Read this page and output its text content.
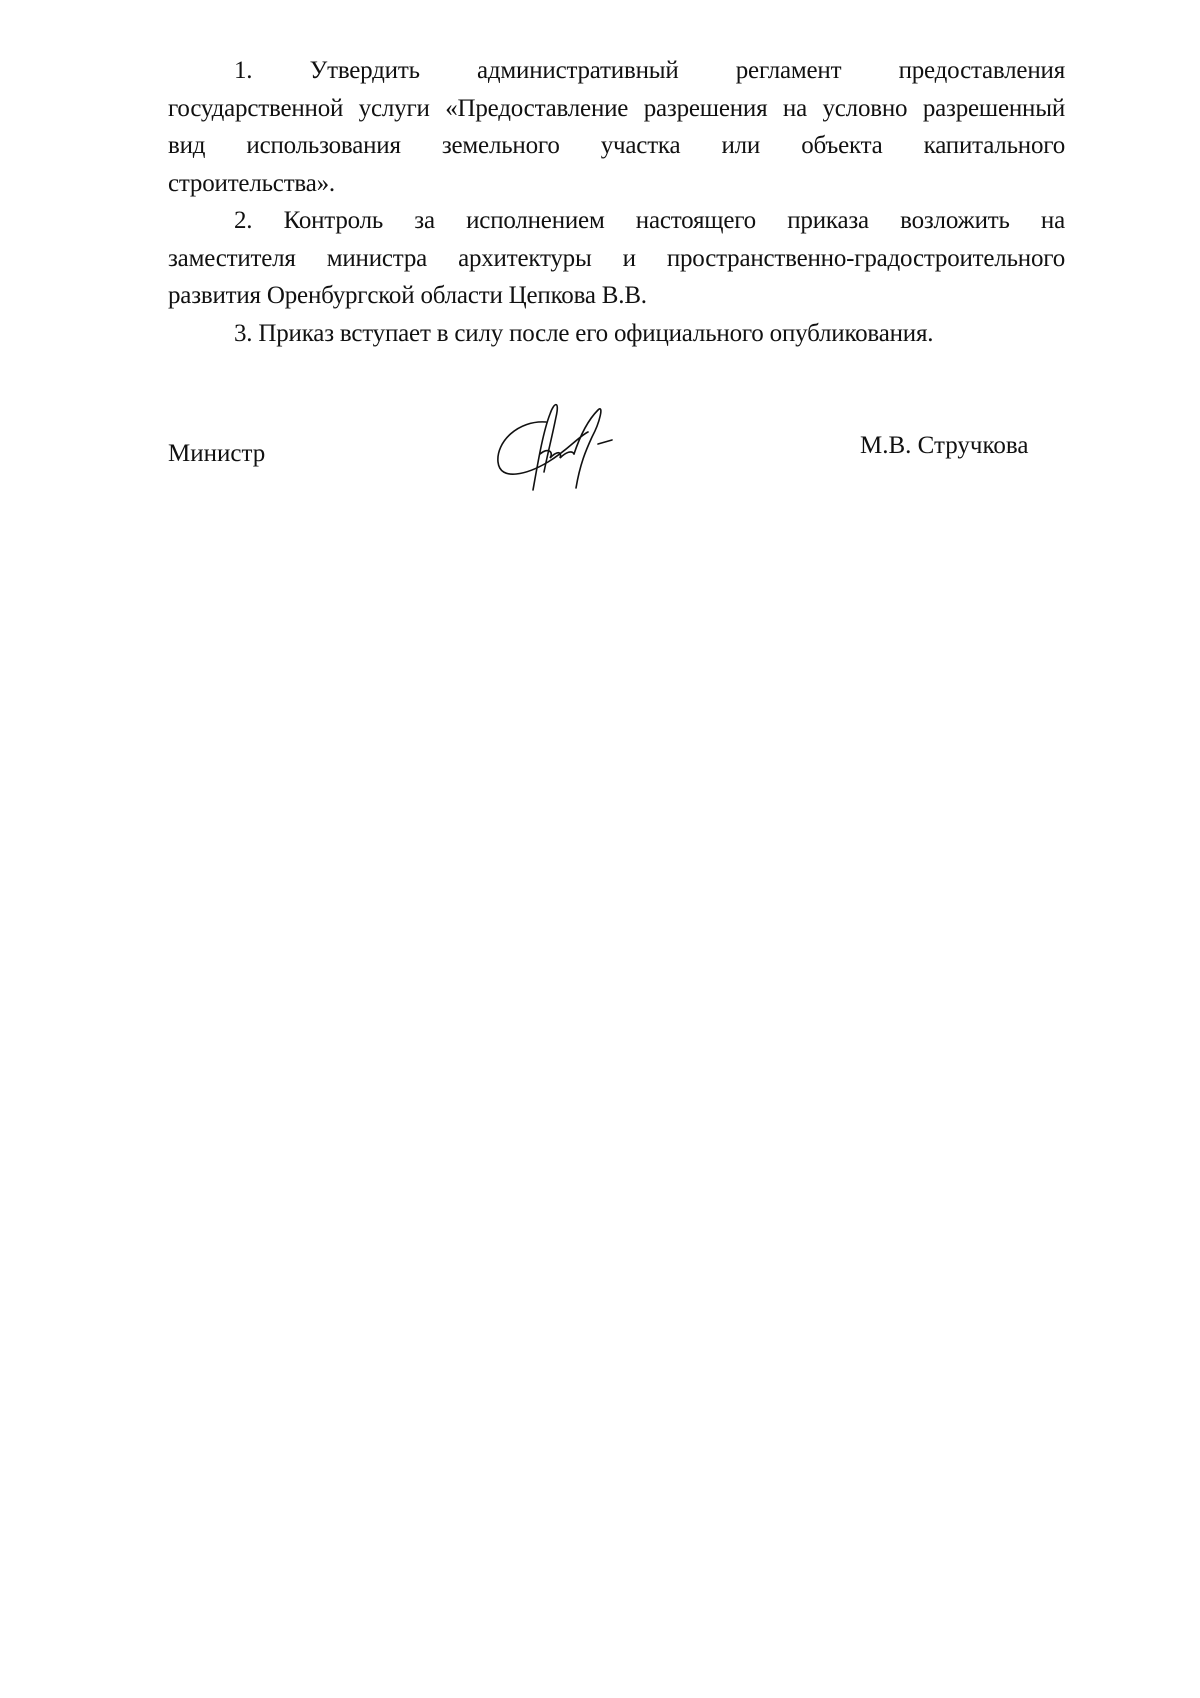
1. Утвердить административный регламент предоставления
государственной услуги «Предоставление разрешения на условно разрешенный
вид использования земельного участка или объекта капитального
строительства».
2. Контроль за исполнением настоящего приказа возложить на
заместителя министра архитектуры и пространственно-градостроительного
развития Оренбургской области Цепкова В.В.
3. Приказ вступает в силу после его официального опубликования.
Министр	М.В. Стручкова
